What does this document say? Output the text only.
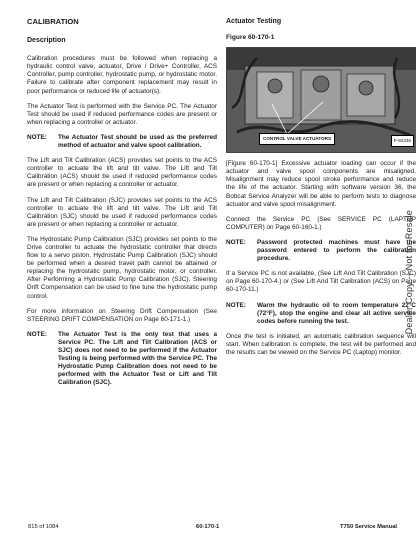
CALIBRATION
Description

Calibration procedures must be followed when replacing a hydraulic control valve, actuator, Drive / Drive+ Controller, ACS Controller, pump controller, hydrostatic pump, or hydrostatic motor. Failure to calibrate after component replacement may result in poor performance or reduced life of actuator(s).

The Actuator Test is performed with the Service PC. The Actuator Test should be used if reduced performance codes are present or when replacing a controller or actuator.

NOTE:	The Actuator Test should be used as the preferred method of actuator and valve spool calibration.

The Lift and Tilt Calibration (ACS) provides set points to the ACS controller to actuate the lift and tilt valve. The Lift and Tilt Calibration (ACS) should be used if reduced performance codes are present or when replacing a controller or actuator.

The Lift and Tilt Calibration (SJC) provides set points to the ACS controller to actuate the lift and tilt valve. The Lift and Tilt Calibration (SJC) should be used if reduced performance codes are present or when replacing a controller or actuator.

The Hydrostatic Pump Calibration (SJC) provides set points to the Drive controller to actuate the hydrostatic controller that directs flow to a servo piston. Hydrostatic Pump Calibration (SJC) should be performed when a desired travel path cannot be attained or replacing the hydrostatic pump, hydrostatic motor, or controller. After Performing a Hydrostatic Pump Calibration (SJC), Steering Drift Compensation can be used to fine tune the hydrostatic pump control.

For more information on Steering Drift Compensation (See STEERING DRIFT COMPENSATION on Page 60-171-1.)

NOTE:	The Actuator Test is the only test that uses a Service PC. The Lift and Tilt Calibration (ACS or SJC) does not need to be performed if the Actuator Testing is being performed with the Service PC. The Hydrostatic Pump Calibration does not need to be performed with the Actuator Test or Lift and Tilt Calibration (SJC).
Actuator Testing
Figure 60-170-1
CONTROL VALVE ACTUATORS	P-94336

[Figure 60-170-1] Excessive actuator loading can occur if the actuator and valve spool components are misaligned. Misalignment may reduce spool stroke performance and reduce the life of the actuator. Starting with software version 36, the Bobcat Service Analyzer will be able to perform tests to diagnose actuator and valve spool misalignment.

Connect the Service PC (See SERVICE PC (LAPTOP COMPUTER) on Page 60-160-1.)

NOTE:	Password protected machines must have the password entered to perform the calibration procedure.

If a Service PC is not available, (See Lift And Tilt Calibration (SJC) on Page 60-170-4.) or (See Lift And Tilt Calibration (ACS) on Page 60-170-11.)

NOTE:	Warm the hydraulic oil to room temperature 22°C (72°F), stop the engine and clear all active service codes before running the test.

Once the test is initiated, an automatic calibration sequence will start. When calibration is complete, the test will be performed and the results can be viewed on the Service PC (Laptop) monitor.

Dealer Copy -- Not for Resale
815 of 1084	60-170-1	T750 Service Manual
